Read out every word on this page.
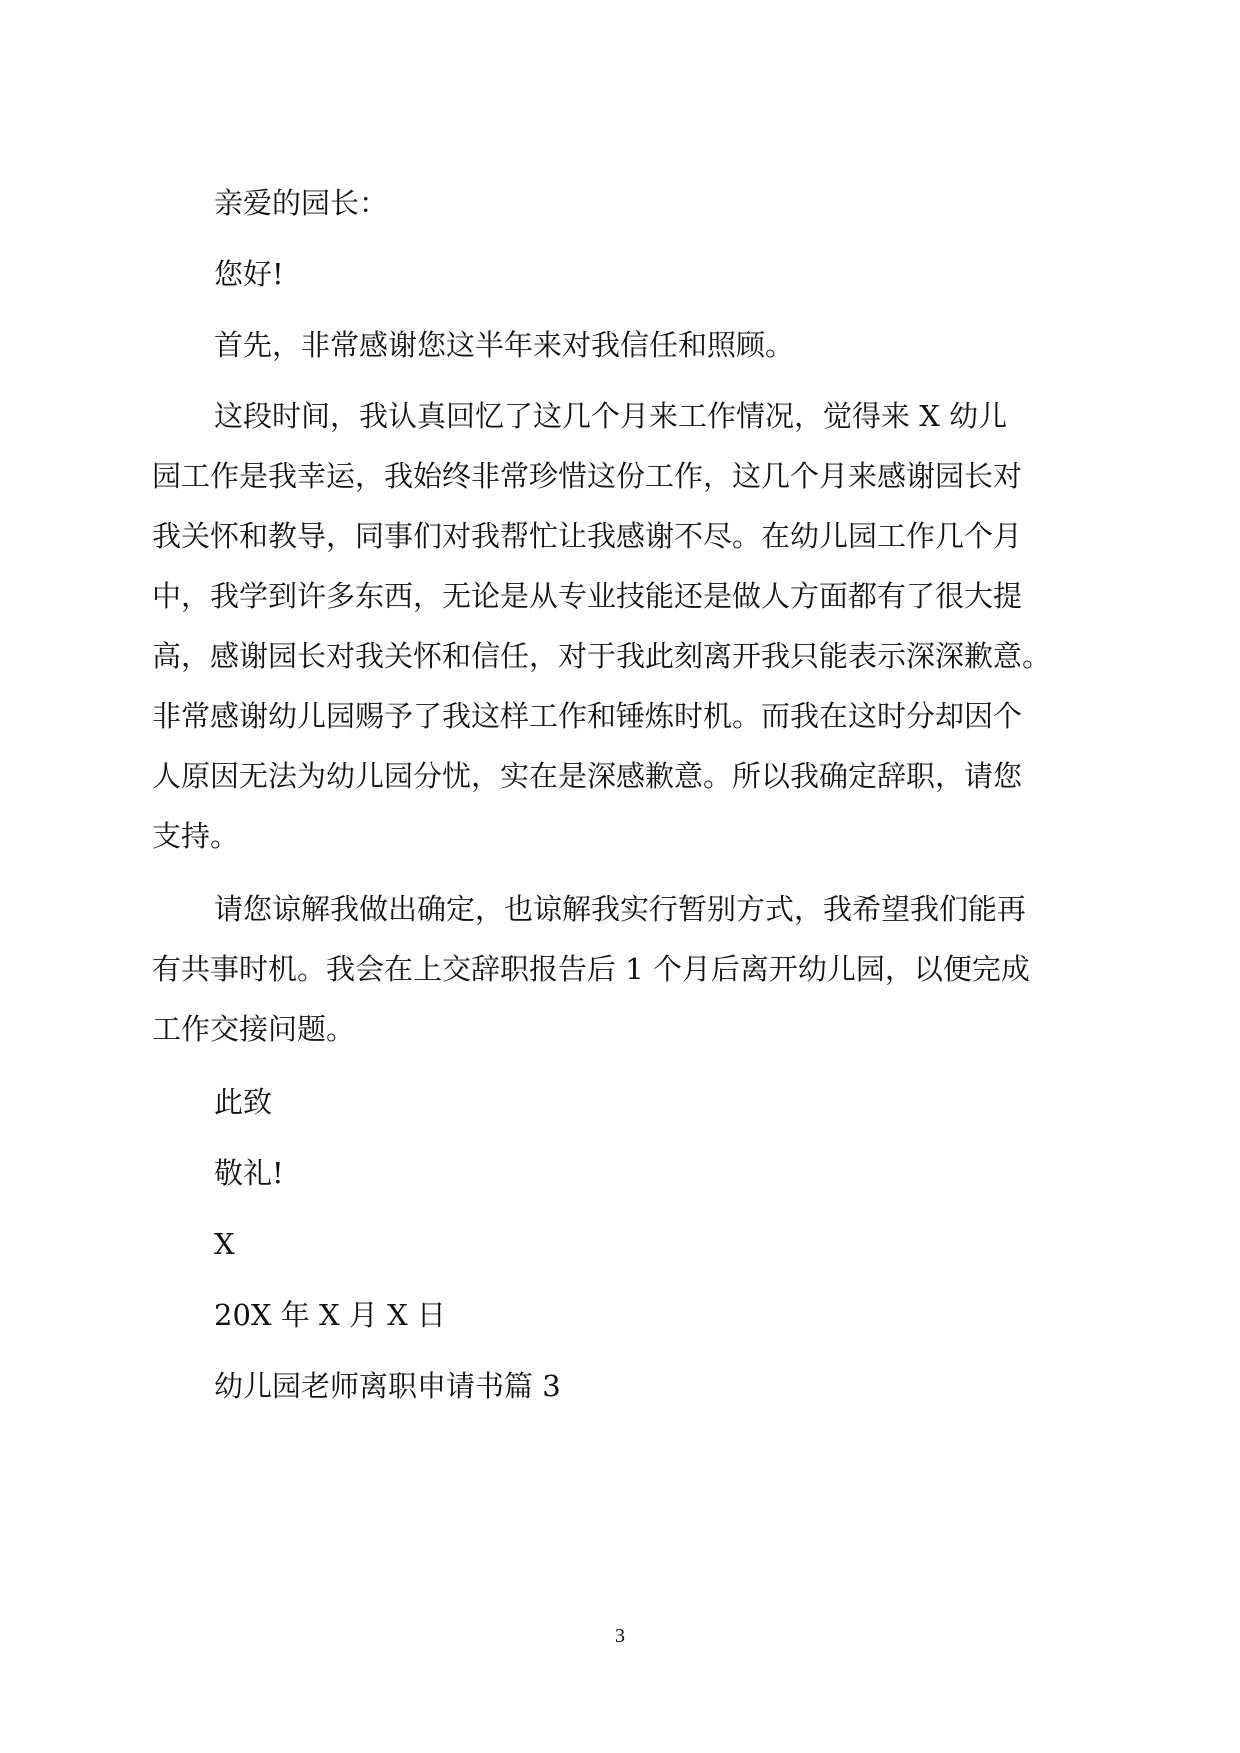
亲爱的园长：

您好!

首先，非常感谢您这半年来对我信任和照顾。

这段时间，我认真回忆了这几个月来工作情况，觉得来 X 幼儿

园工作是我幸运，我始终非常珍惜这份工作，这几个月来感谢园长对

我关怀和教导，同事们对我帮忙让我感谢不尽。在幼儿园工作几个月

中，我学到许多东西，无论是从专业技能还是做人方面都有了很大提

高，感谢园长对我关怀和信任，对于我此刻离开我只能表示深深歉意。

非常感谢幼儿园赐予了我这样工作和锤炼时机。而我在这时分却因个

人原因无法为幼儿园分忧，实在是深感歉意。所以我确定辞职，请您

支持。

请您谅解我做出确定，也谅解我实行暂别方式，我希望我们能再

有共事时机。我会在上交辞职报告后 1 个月后离开幼儿园，以便完成

工作交接问题。

此致

敬礼!

X

20X 年 X 月 X 日

幼儿园老师离职申请书篇 3

3
